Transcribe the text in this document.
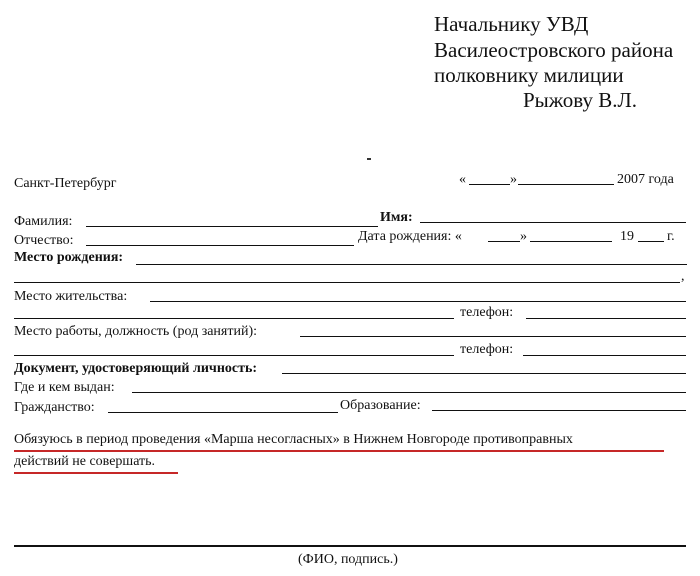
Начальнику УВД
Василеостровского района
полковнику милиции
Рыжову В.Л.
Санкт-Петербург	«	»	2007 года
Фамилия:	Имя:
Отчество:	Дата рождения: «	»	19 г.
Место рождения:
,
Место жительства:
телефон:
Место работы, должность (род занятий):
телефон:
Документ, удостоверяющий личность:
Где и кем выдан:
Гражданство:	Образование:
Обязуюсь в период проведения «Марша несогласных» в Нижнем Новгороде противоправных
действий не совершать.
(ФИО, подпись.)
